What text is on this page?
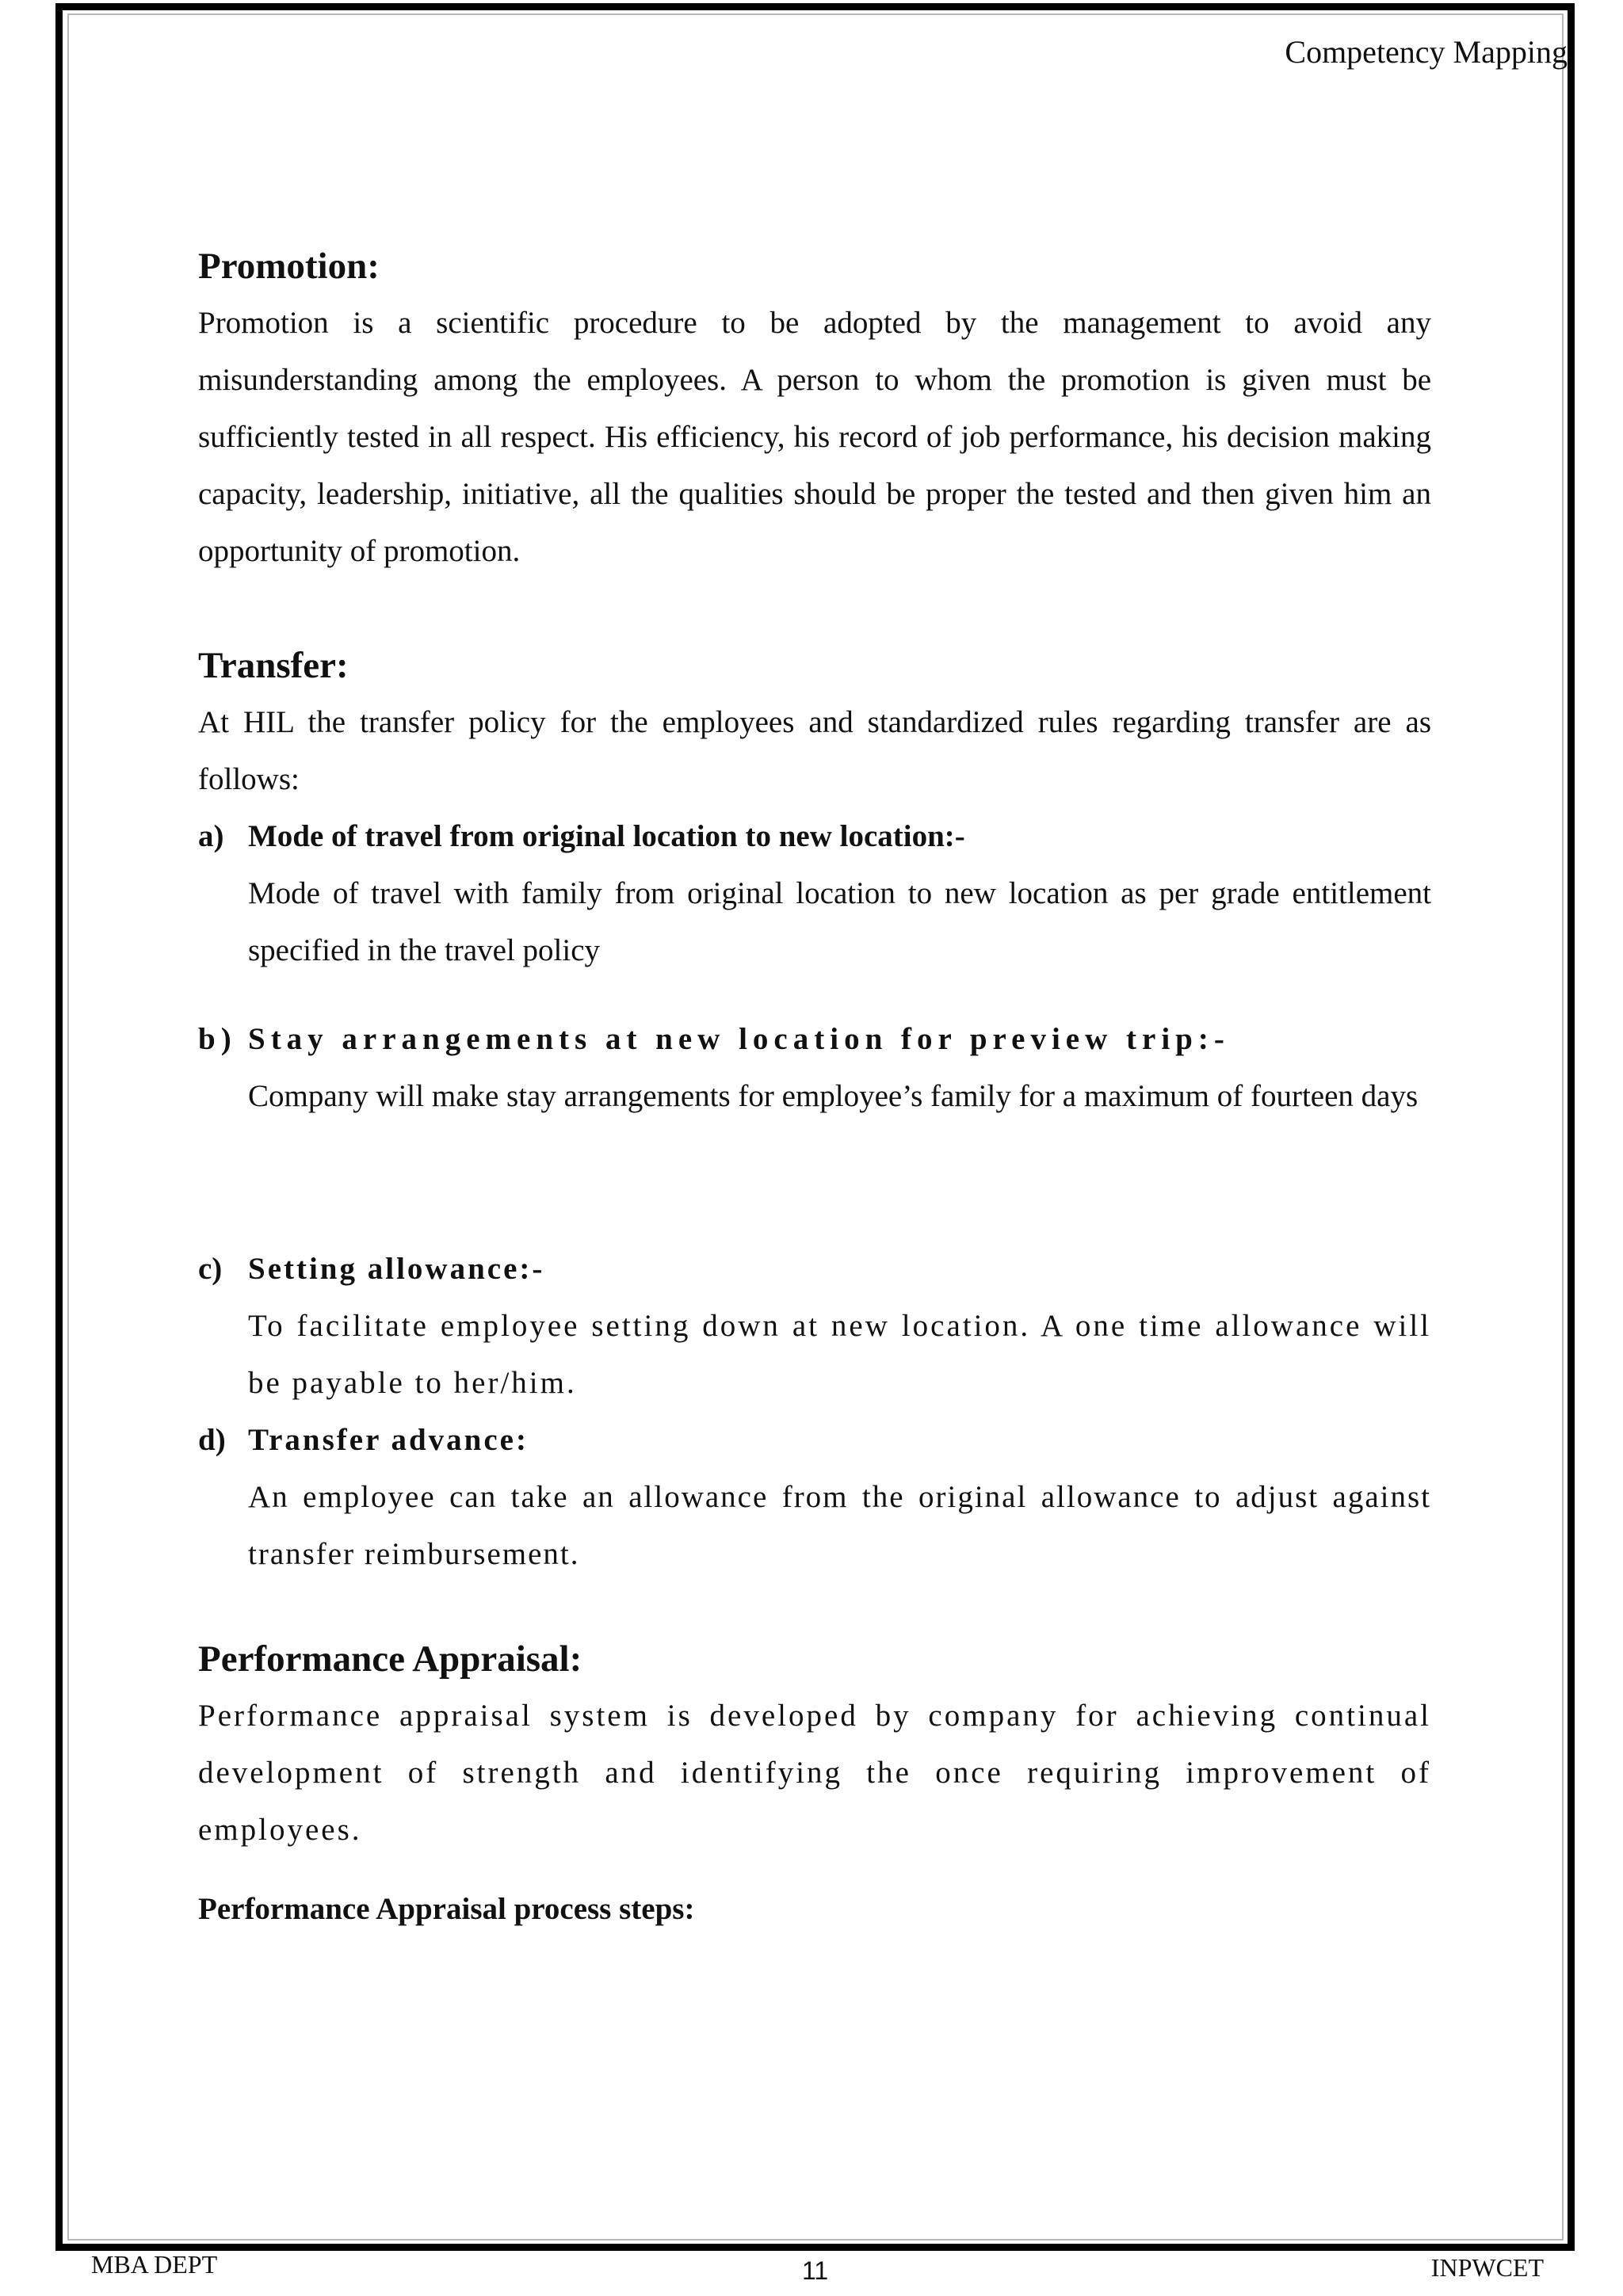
Competency Mapping
Promotion:

Promotion is a scientific procedure to be adopted by the management to avoid any misunderstanding among the employees. A person to whom the promotion is given must be sufficiently tested in all respect. His efficiency, his record of job performance, his decision making capacity, leadership, initiative, all the qualities should be proper the tested and then given him an opportunity of promotion.

Transfer:

At HIL the transfer policy for the employees and standardized rules regarding transfer are as follows:

a) Mode of travel from original location to new location:-

Mode of travel with family from original location to new location as per grade entitlement specified in the travel policy

b) Stay arrangements at new location for preview trip:-

Company will make stay arrangements for employee’s family for a maximum of fourteen days

c) Setting allowance:-

To facilitate employee setting down at new location. A one time allowance will be payable to her/him.

d) Transfer advance:

An employee can take an allowance from the original allowance to adjust against transfer reimbursement.

Performance Appraisal:

Performance appraisal system is developed by company for achieving continual development of strength and identifying the once requiring improvement of employees.

Performance Appraisal process steps:

MBA DEPT	11	INPWCET
